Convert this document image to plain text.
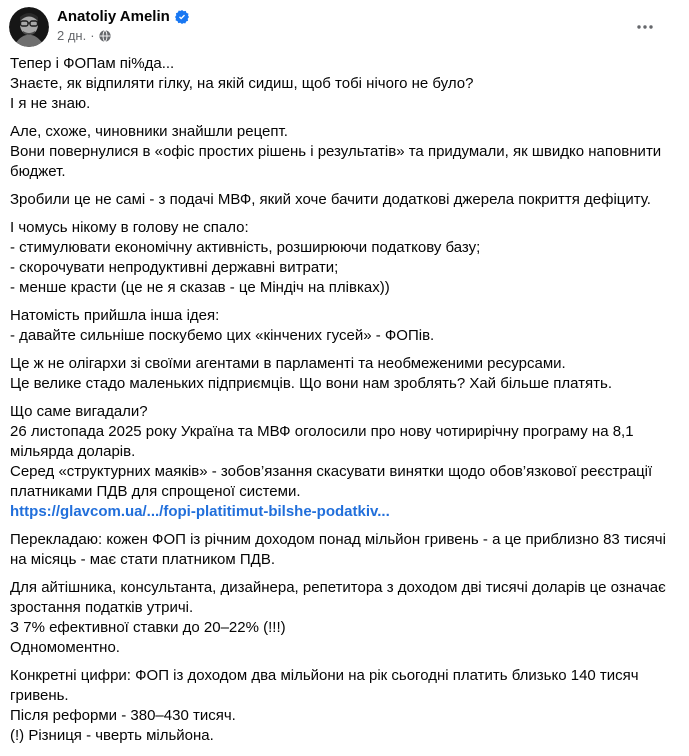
Anatoliy Amelin
2 дн. ·
Тепер і ФОПам пі%да...
Знаєте, як відпиляти гілку, на якій сидиш, щоб тобі нічого не було?
І я не знаю.
Але, схоже, чиновники знайшли рецепт.
Вони повернулися в «офіс простих рішень і результатів» та придумали, як швидко наповнити бюджет.
Зробили це не самі - з подачі МВФ, який хоче бачити додаткові джерела покриття дефіциту.
І чомусь нікому в голову не спало:
- стимулювати економічну активність, розширюючи податкову базу;
- скорочувати непродуктивні державні витрати;
- менше красти (це не я сказав - це Міндіч на плівках))
Натомість прийшла інша ідея:
- давайте сильніше поскубемо цих «кінчених гусей» - ФОПів.
Це ж не олігархи зі своїми агентами в парламенті та необмеженими ресурсами.
Це велике стадо маленьких підприємців. Що вони нам зроблять? Хай більше платять.
Що саме вигадали?
26 листопада 2025 року Україна та МВФ оголосили про нову чотирирічну програму на 8,1 мільярда доларів.
Серед «структурних маяків» - зобов’язання скасувати винятки щодо обов’язкової реєстрації платниками ПДВ для спрощеної системи.
https://glavcom.ua/.../fopi-platitimut-bilshe-podatkiv...
Перекладаю: кожен ФОП із річним доходом понад мільйон гривень - а це приблизно 83 тисячі на місяць - має стати платником ПДВ.
Для айтішника, консультанта, дизайнера, репетитора з доходом дві тисячі доларів це означає зростання податків утричі.
З 7% ефективної ставки до 20–22% (!!!)
Одномоментно.
Конкретні цифри: ФОП із доходом два мільйони на рік сьогодні платить близько 140 тисяч гривень.
Після реформи - 380–430 тисяч.
(!) Різниця - чверть мільйона.
